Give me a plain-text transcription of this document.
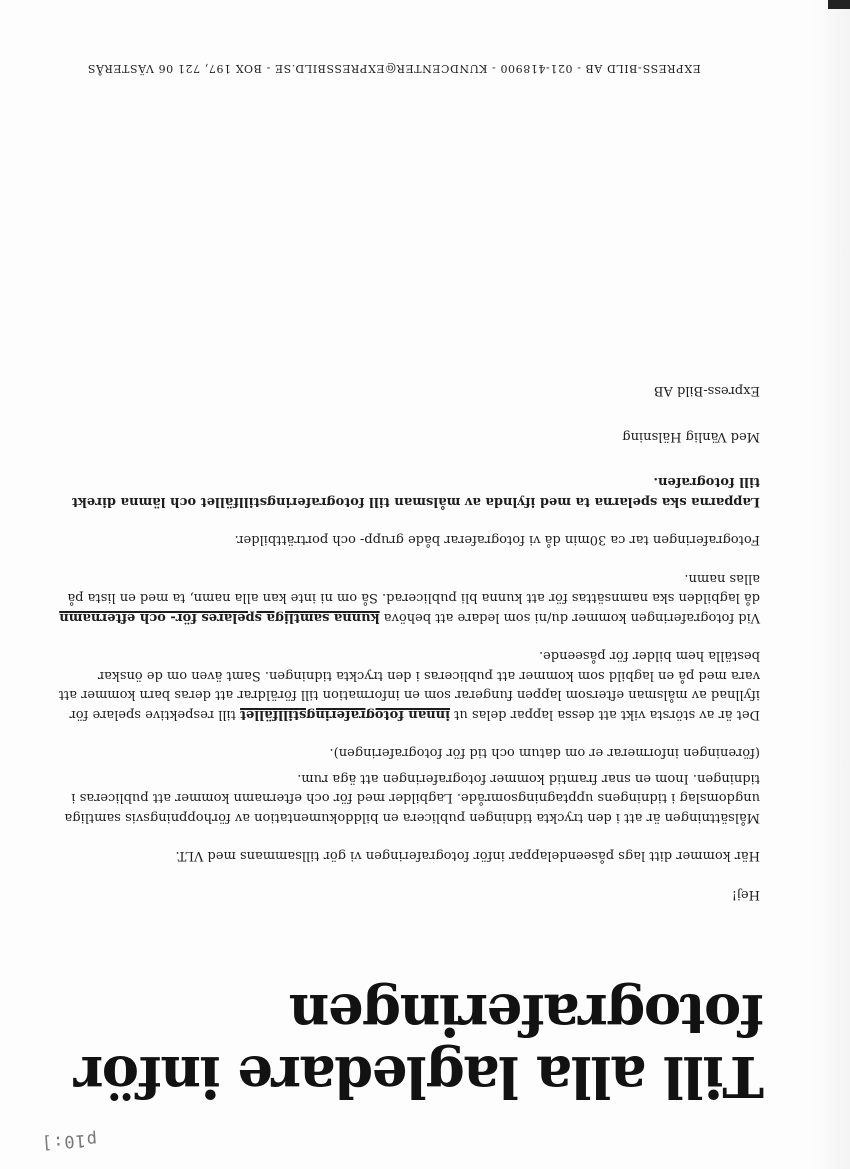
p10:]
Till alla lagledare inför fotograferingen

Hej!

Här kommer ditt lags påseendelappar inför fotograferingen vi gör tillsammans med VLT.

Målsättningen är att i den tryckta tidningen publicera en bilddokumentation av förhoppningsvis samtliga ungdomslag i tidningens upptagningsområde. Lagbilder med för och efternamn kommer att publiceras i tidningen. Inom en snar framtid kommer fotograferingen att äga rum.

(föreningen informerar er om datum och tid för fotograferingen).

Det är av största vikt att dessa lappar delas ut innan fotograferingstillfället till respektive spelare för ifyllnad av målsman eftersom lappen fungerar som en information till föräldrar att deras barn kommer att vara med på en lagbild som kommer att publiceras i den tryckta tidningen. Samt även om de önskar beställa hem bilder för påseende.

Vid fotograferingen kommer du/ni som ledare att behöva kunna samtliga spelares för- och efternamn då lagbilden ska namnsättas för att kunna bli publicerad. Så om ni inte kan alla namn, ta med en lista på allas namn.

Fotograferingen tar ca 30min då vi fotograferar både grupp- och porträttbilder.

Lapparna ska spelarna ta med ifylnda av målsman till fotograferingstillfället och lämna direkt till fotografen.

Med Vänlig Hälsning

Express-Bild AB

EXPRESS-BILD AB - 021-418900 - KUNDCENTER@EXPRESSBILD.SE - BOX 197, 721 06 VÄSTERÅS
